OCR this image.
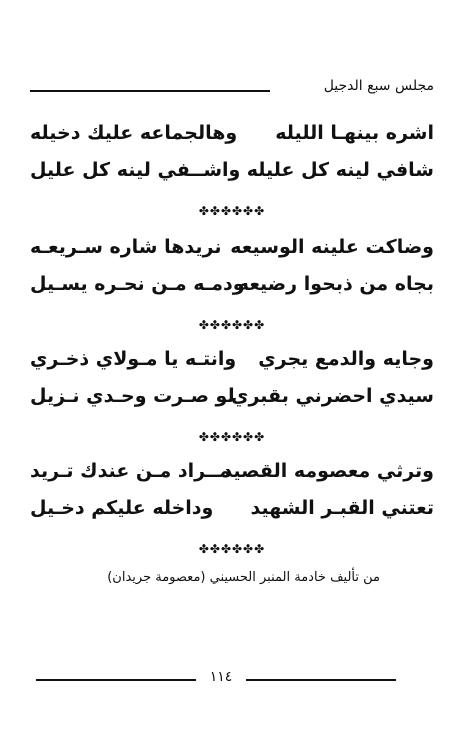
مجلس سبع الدجيل
اشره بينهـا الليله
وهالجماعه عليك دخيله
شافي لينه كل عليله
واشــفي لينه كل عليل
✤✤✤✤✤✤
وضاكت علينه الوسيعه
نريدها شاره سـريعـه
بجاه من ذبحوا رضيعه
ودمـه مـن نحـره يسـيل
✤✤✤✤✤✤
وجايه والدمع يجري
وانتـه يا مـولاي ذخـري
سيدي احضرني بقبري
لو صـرت وحـدي نـزيل
✤✤✤✤✤✤
وترثي معصومه القصيد
مــراد مـن عندك تـريد
تعتني القبـر الشهيد
وداخله عليكم دخـيل
✤✤✤✤✤✤
من تأليف خادمة المنبر الحسيني (معصومة جريدان)
١١٤
